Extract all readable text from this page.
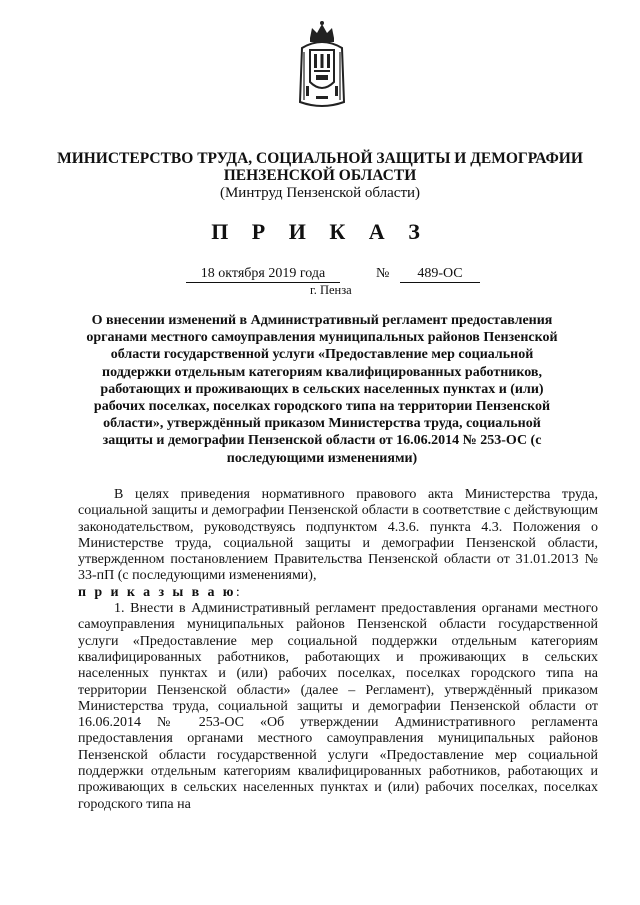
МИНИСТЕРСТВО ТРУДА, СОЦИАЛЬНОЙ ЗАЩИТЫ И ДЕМОГРАФИИ
ПЕНЗЕНСКОЙ ОБЛАСТИ
(Минтруд Пензенской области)
П Р И К А З
18 октября 2019 года	№	489-ОС
г. Пенза
О внесении изменений в Административный регламент предоставления органами местного самоуправления муниципальных районов Пензенской области государственной услуги «Предоставление мер социальной поддержки отдельным категориям квалифицированных работников, работающих и проживающих в сельских населенных пунктах и (или) рабочих поселках, поселках городского типа на территории Пензенской области», утверждённый приказом Министерства труда, социальной защиты и демографии Пензенской области от 16.06.2014 № 253-ОС (с последующими изменениями)

В целях приведения нормативного правового акта Министерства труда, социальной защиты и демографии Пензенской области в соответствие с действующим законодательством, руководствуясь подпунктом 4.3.6. пункта 4.3. Положения о Министерстве труда, социальной защиты и демографии Пензенской области, утвержденном постановлением Правительства Пензенской области от 31.01.2013 № 33-пП (с последующими изменениями),
п р и к а з ы в а ю:

1. Внести в Административный регламент предоставления органами местного самоуправления муниципальных районов Пензенской области государственной услуги «Предоставление мер социальной поддержки отдельным категориям квалифицированных работников, работающих и проживающих в сельских населенных пунктах и (или) рабочих поселках, поселках городского типа на территории Пензенской области» (далее – Регламент), утверждённый приказом Министерства труда, социальной защиты и демографии Пензенской области от 16.06.2014 № 253-ОС «Об утверждении Административного регламента предоставления органами местного самоуправления муниципальных районов Пензенской области государственной услуги «Предоставление мер социальной поддержки отдельным категориям квалифицированных работников, работающих и проживающих в сельских населенных пунктах и (или) рабочих поселках, поселках городского типа на
